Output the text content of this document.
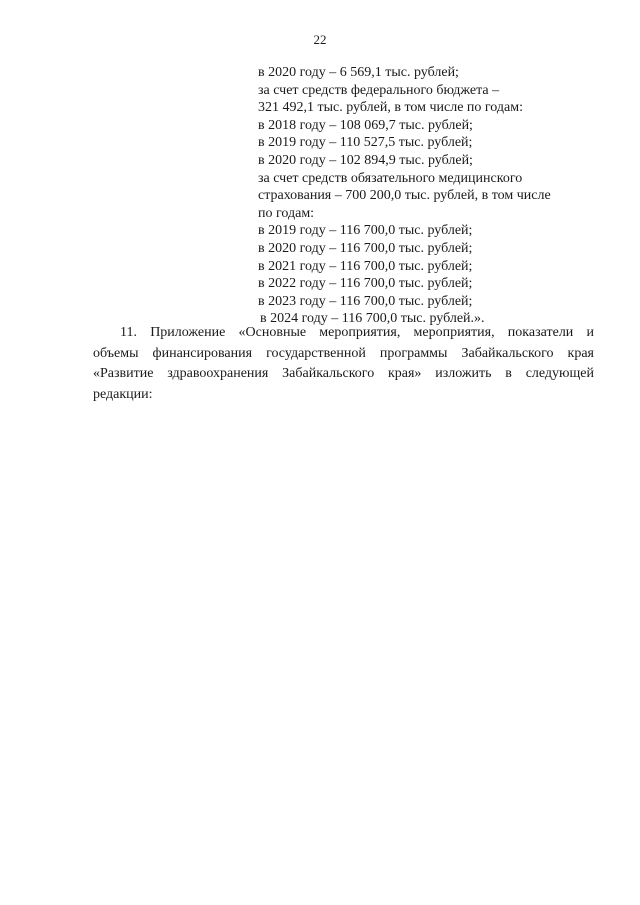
22
в 2020 году – 6 569,1 тыс. рублей;
за счет средств федерального бюджета –
321 492,1 тыс. рублей, в том числе по годам:
в 2018 году – 108 069,7 тыс. рублей;
в 2019 году – 110 527,5 тыс. рублей;
в 2020 году – 102 894,9 тыс. рублей;
за счет средств обязательного медицинского
страхования – 700 200,0 тыс. рублей, в том числе
по годам:
в 2019 году – 116 700,0 тыс. рублей;
в 2020 году – 116 700,0 тыс. рублей;
в 2021 году – 116 700,0 тыс. рублей;
в 2022 году – 116 700,0 тыс. рублей;
в 2023 году – 116 700,0 тыс. рублей;
в 2024 году – 116 700,0 тыс. рублей.».
11. Приложение «Основные мероприятия, мероприятия, показатели и
объемы финансирования государственной программы Забайкальского края
«Развитие здравоохранения Забайкальского края» изложить в следующей
редакции:
